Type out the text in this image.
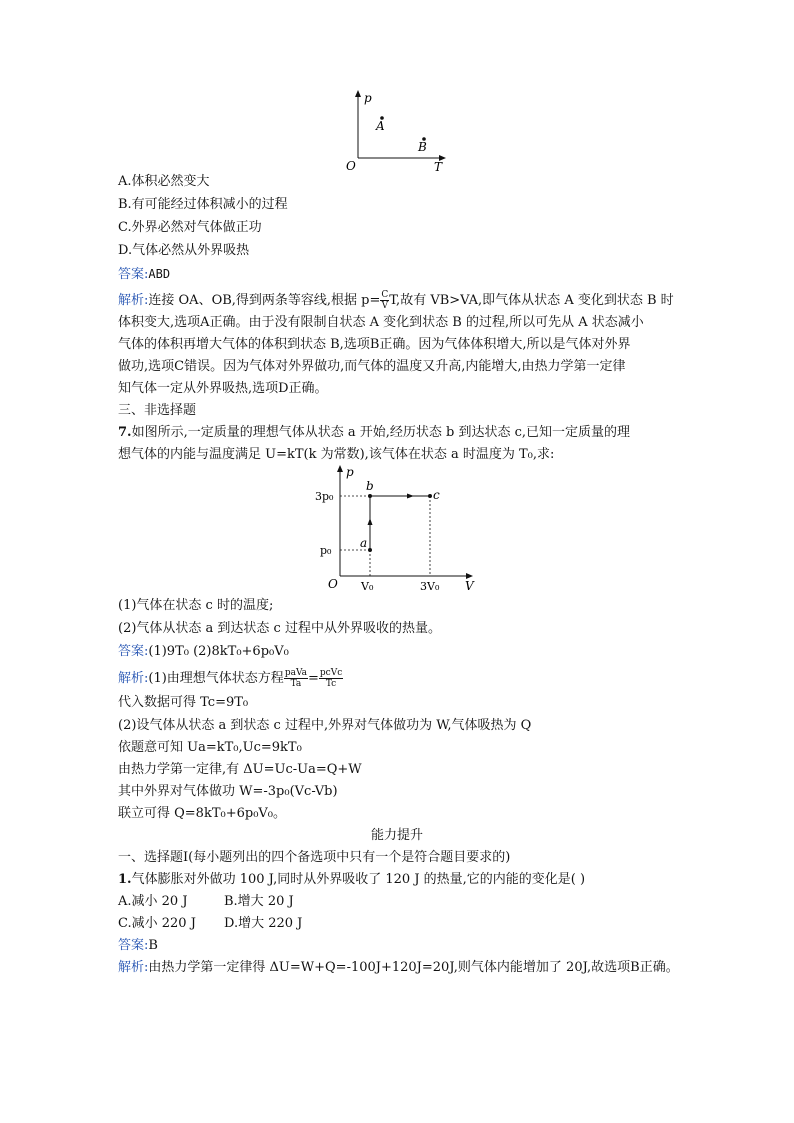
p
T
O
A
B
A.体积必然变大
B.有可能经过体积减小的过程
C.外界必然对气体做正功
D.气体必然从外界吸热
答案:ABD
解析:连接 OA、OB,得到两条等容线,根据 $p= \frac{C}{V} T$,故有 VB>VA,即气体从状态 A 变化到状态 B 时
体积变大,选项A正确。由于没有限制自状态 A 变化到状态 B 的过程,所以可先从 A 状态减小
气体的体积再增大气体的体积到状态 B,选项B正确。因为气体体积增大,所以是气体对外界
做功,选项C错误。因为气体对外界做功,而气体的温度又升高,内能增大,由热力学第一定律
知气体一定从外界吸热,选项D正确。
三、非选择题
7.如图所示,一定质量的理想气体从状态 a 开始,经历状态 b 到达状态 c,已知一定质量的理
想气体的内能与温度满足 U=kT(k 为常数),该气体在状态 a 时温度为 T₀,求:
p
V
O
3p₀
p₀
V₀	3V₀
a
b
c
(1)气体在状态 c 时的温度;
(2)气体从状态 a 到达状态 c 过程中从外界吸收的热量。
答案:(1)9T₀ (2)8kT₀+6p₀V₀
解析:(1)由理想气体状态方程 $\frac{\text{paVa}}{Ta} = \frac{\text{pcVc}}{Tc}$
代入数据可得 Tc=9T₀
(2)设气体从状态 a 到状态 c 过程中,外界对气体做功为 W,气体吸热为 Q
依题意可知 Ua=kT₀,Uc=9kT₀
由热力学第一定律,有 ΔU=Uc-Ua=Q+W
其中外界对气体做功 W=-3p₀(Vc-Vb)
联立可得 Q=8kT₀+6p₀V₀。
能力提升
一、选择题Ⅰ(每小题列出的四个备选项中只有一个是符合题目要求的)
1.气体膨胀对外做功 100 J,同时从外界吸收了 120 J 的热量,它的内能的变化是( )
A.减小 20 J	B.增大 20 J
C.减小 220 J D.增大 220 J
答案:B
解析:由热力学第一定律得 ΔU=W+Q=-100J+120J=20J,则气体内能增加了 20J,故选项B正确。
